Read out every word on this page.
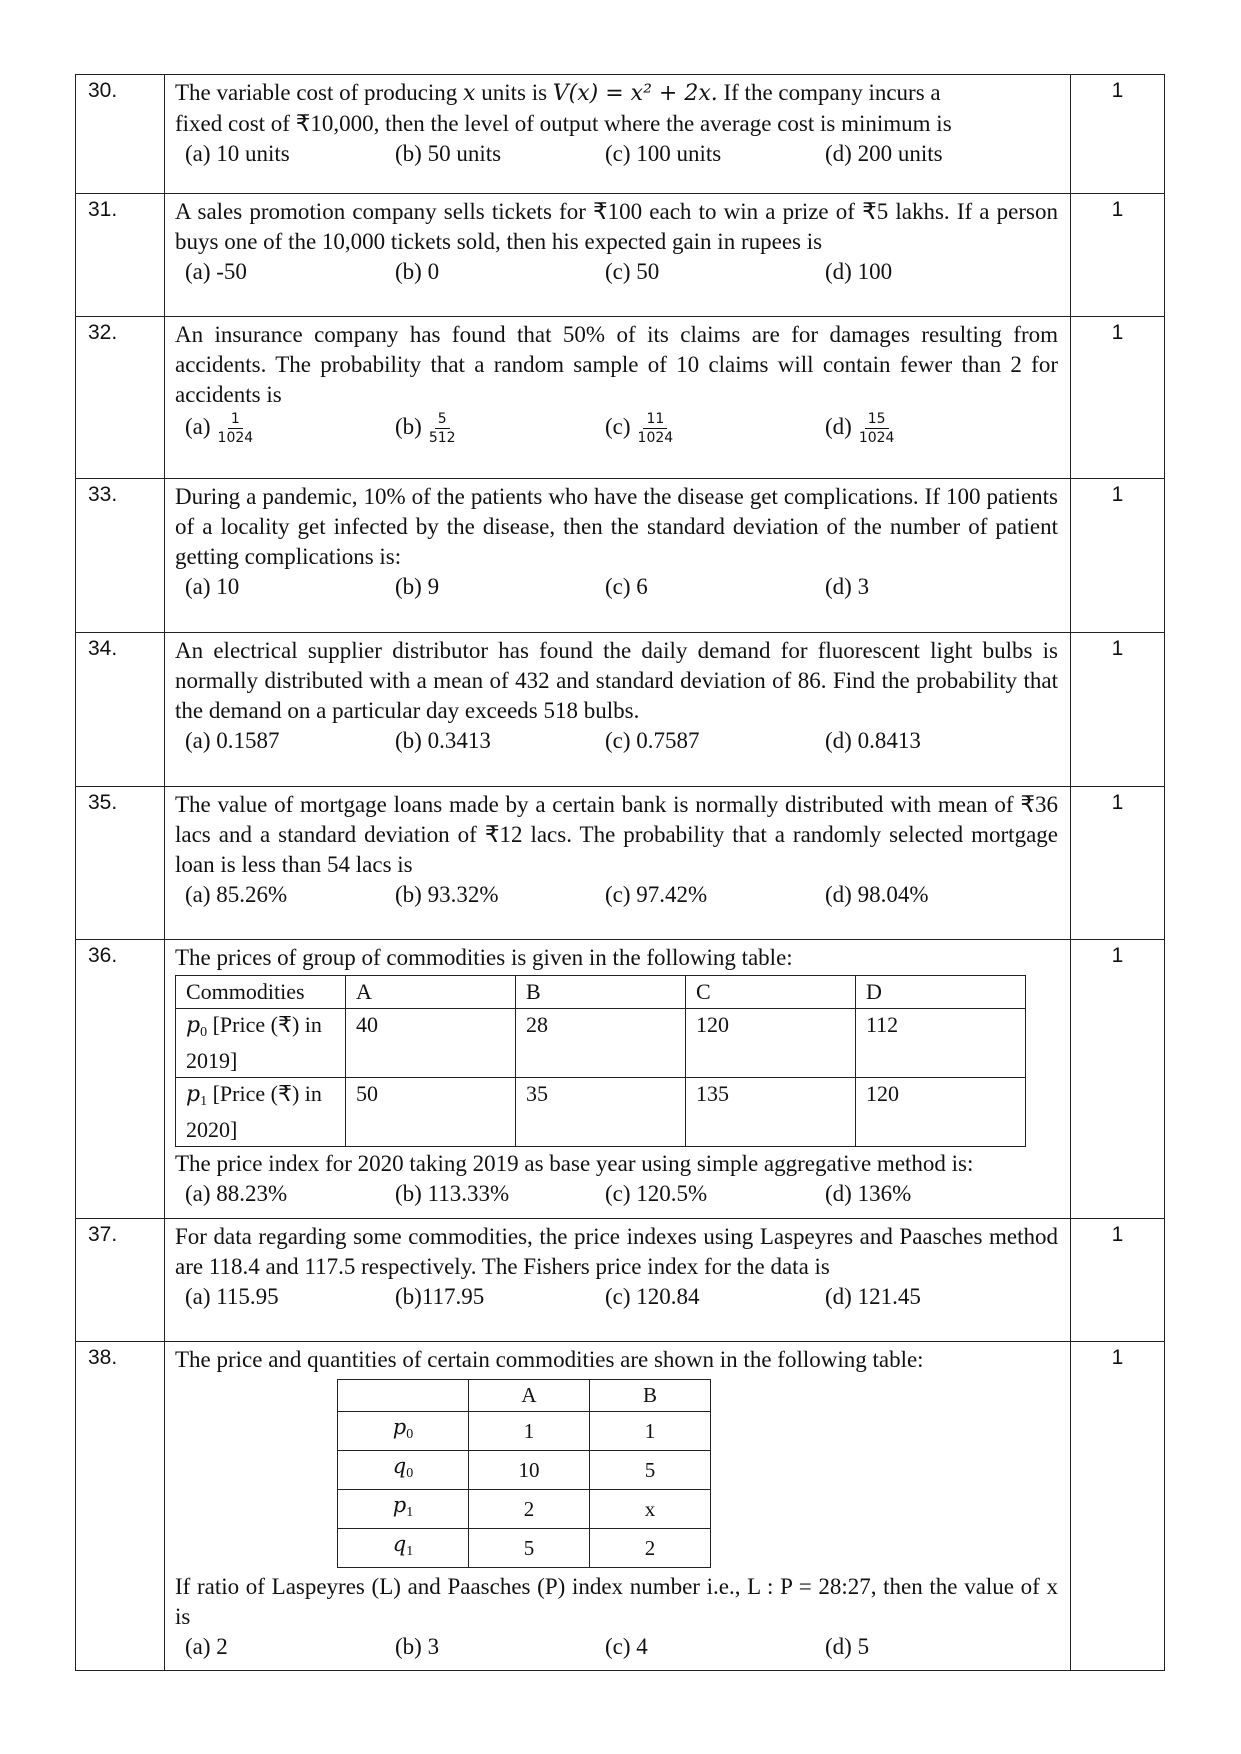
30.	The variable cost of producing x units is V(x) = x² + 2x. If the company incurs a
fixed cost of ₹10,000, then the level of output where the average cost is minimum is
(a) 10 units	(b) 50 units	(c) 100 units	(d) 200 units
	1
31.	A sales promotion company sells tickets for ₹100 each to win a prize of ₹5 lakhs. If a person buys one of the 10,000 tickets sold, then his expected gain in rupees is
(a) -50	(b) 0	(c) 50	(d) 100
	1
32.	An insurance company has found that 50% of its claims are for damages resulting from accidents. The probability that a random sample of 10 claims will contain fewer than 2 for accidents is
$(a) \frac{1}{1024}$	$(b) \frac{5}{512}$	$(c) \frac{11}{1024}$	$(d) \frac{15}{1024}$
	1
33.	During a pandemic, 10% of the patients who have the disease get complications. If 100 patients of a locality get infected by the disease, then the standard deviation of the number of patient getting complications is:
(a) 10	(b) 9	(c) 6	(d) 3
	1
34.	An electrical supplier distributor has found the daily demand for fluorescent light bulbs is normally distributed with a mean of 432 and standard deviation of 86. Find the probability that the demand on a particular day exceeds 518 bulbs.
(a) 0.1587	(b) 0.3413	(c) 0.7587	(d) 0.8413
	1
35.	The value of mortgage loans made by a certain bank is normally distributed with mean of ₹36 lacs and a standard deviation of ₹12 lacs. The probability that a randomly selected mortgage loan is less than 54 lacs is
(a) 85.26%	(b) 93.32%	(c) 97.42%	(d) 98.04%
	1
36.	The prices of group of commodities is given in the following table:
Commodities	A	B	C	D
$p_0$ [Price (₹) in 2019]	40	28	120	112
$p_1$ [Price (₹) in 2020]	50	35	135	120
The price index for 2020 taking 2019 as base year using simple aggregative method is:
(a) 88.23%	(b) 113.33%	(c) 120.5%	(d) 136%
	1
37.	For data regarding some commodities, the price indexes using Laspeyres and Paasches method are 118.4 and 117.5 respectively. The Fishers price index for the data is
(a) 115.95	(b)117.95	(c) 120.84	(d) 121.45
	1
38.	The price and quantities of certain commodities are shown in the following table:
	A	B
$p_0$	1	1
$q_0$	10	5
$p_1$	2	x
$q_1$	5	2
If ratio of Laspeyres (L) and Paasches (P) index number i.e., L : P = 28:27, then the value of x is
(a) 2	(b) 3	(c) 4	(d) 5
	1
